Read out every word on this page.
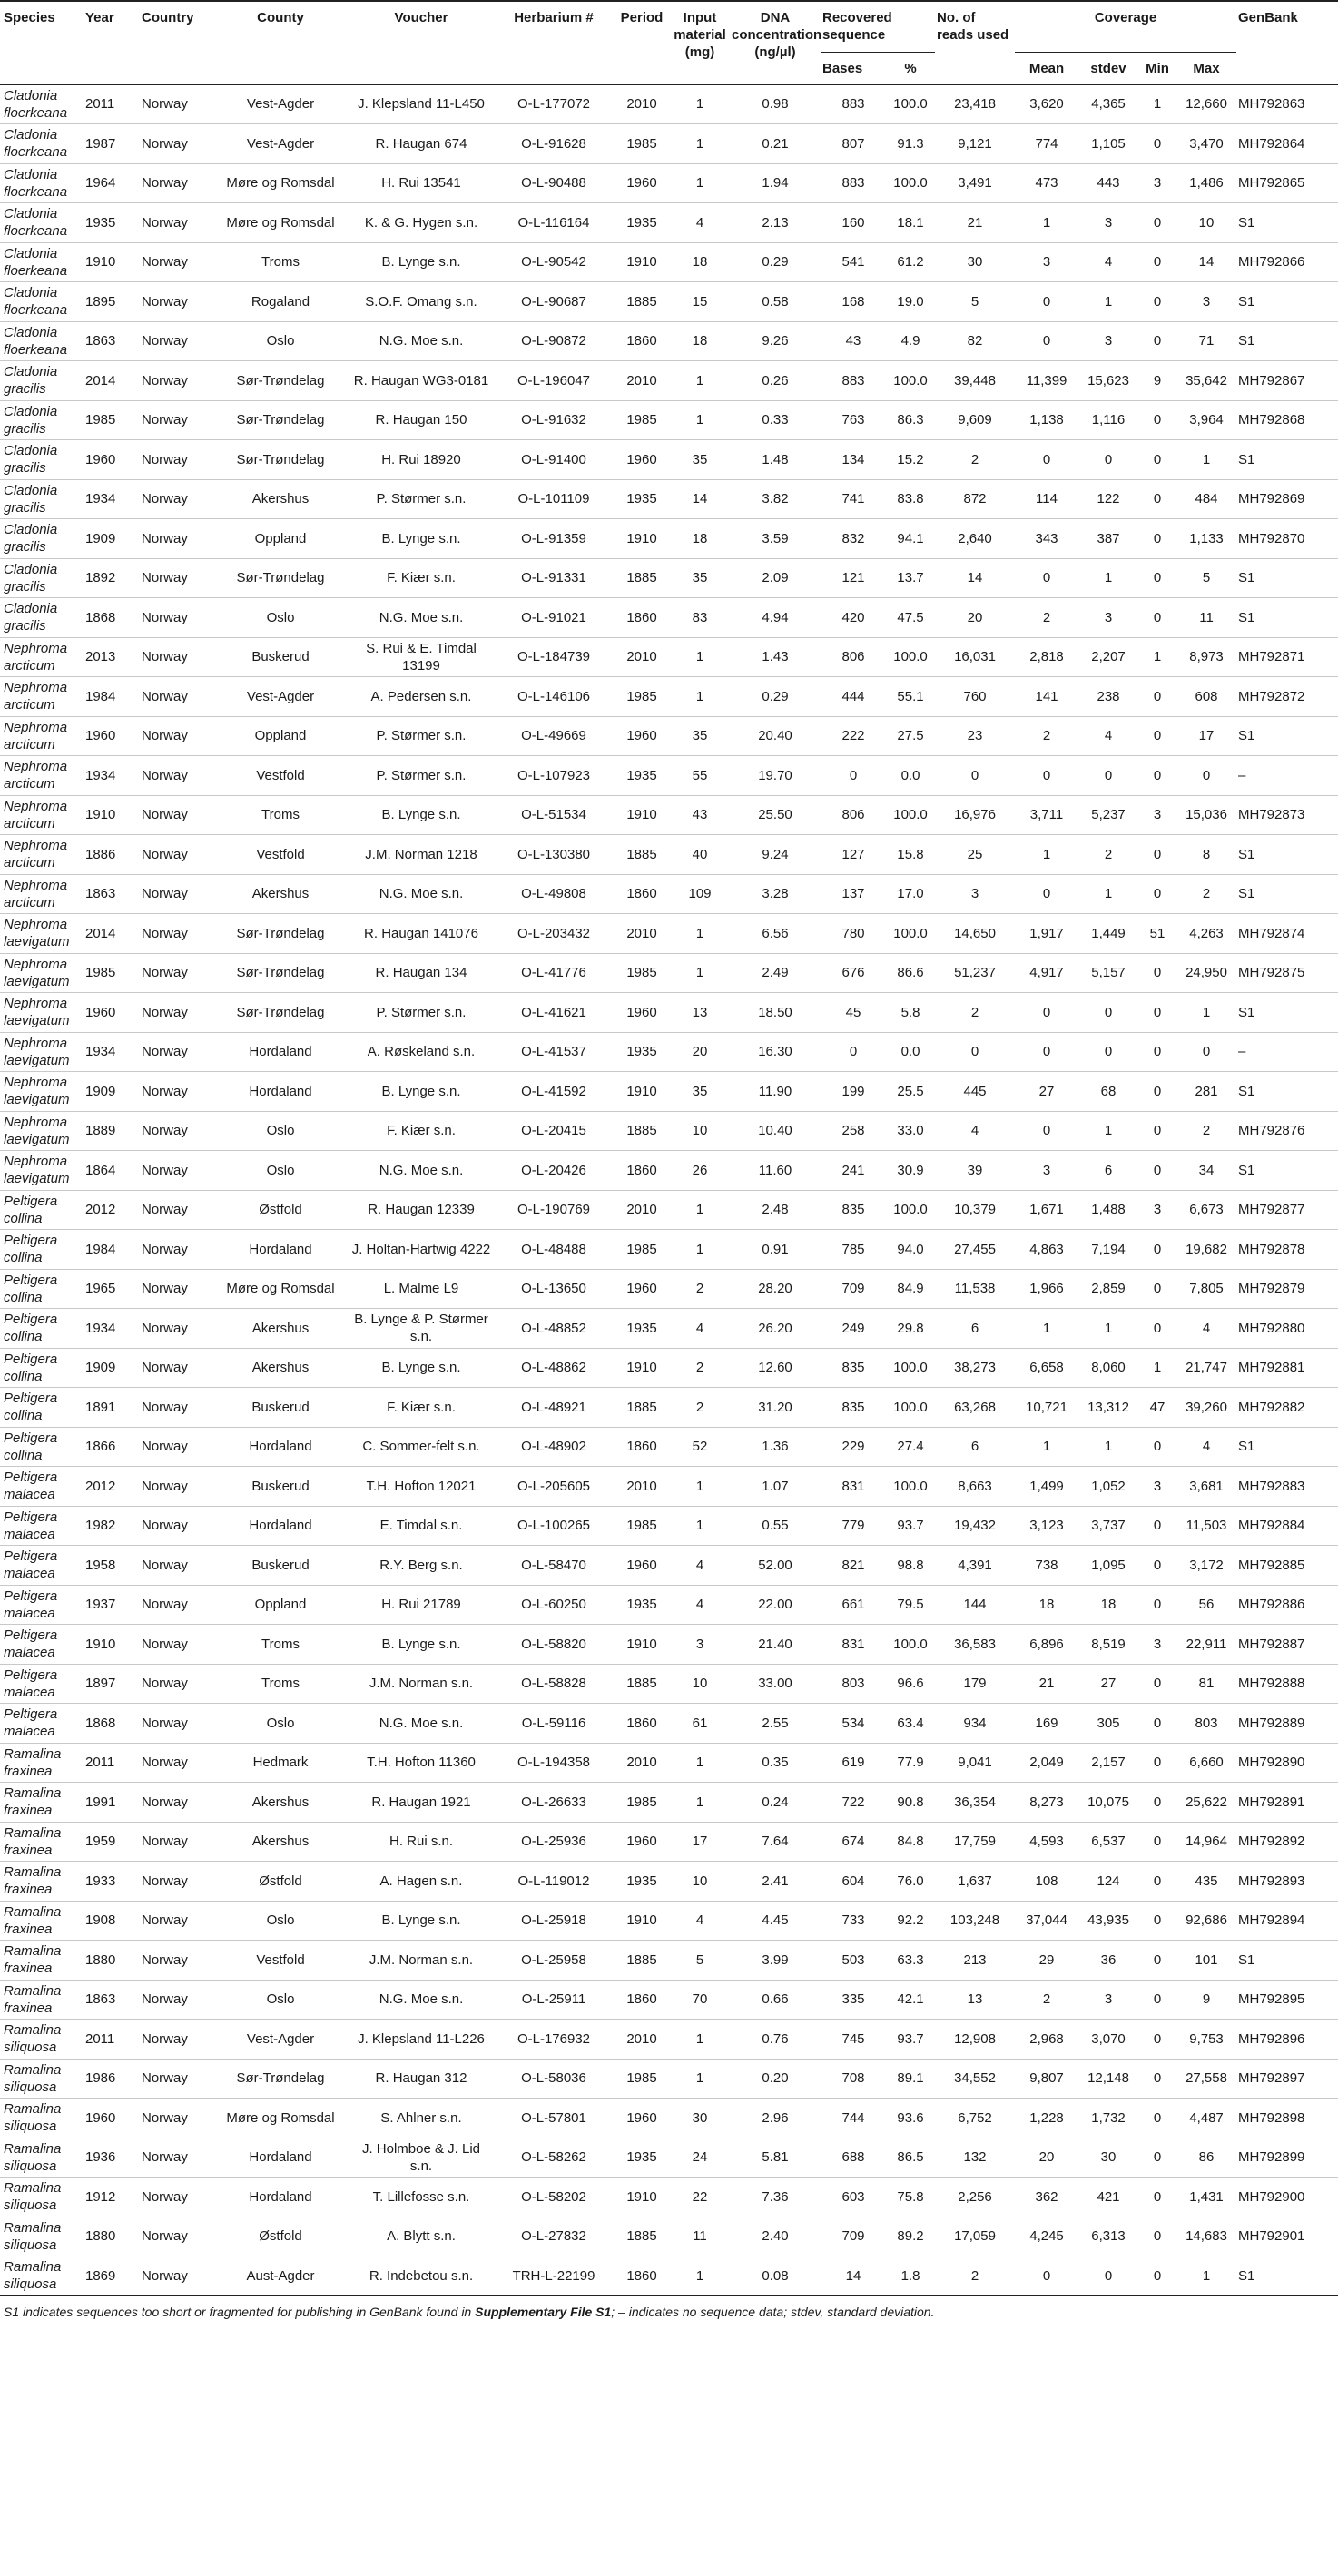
Species	Year	Country	County	Voucher	Herbarium #	Period	Input material (mg)	DNA concentration (ng/µl)	Recovered sequence		No. of reads used	Coverage				GenBank
									Bases	%		Mean	stdev	Min	Max	
Cladonia floerkeana	2011	Norway	Vest-Agder	J. Klepsland 11-L450	O-L-177072	2010	1	0.98	883	100.0	23,418	3,620	4,365	1	12,660	MH792863
Cladonia floerkeana	1987	Norway	Vest-Agder	R. Haugan 674	O-L-91628	1985	1	0.21	807	91.3	9,121	774	1,105	0	3,470	MH792864
Cladonia floerkeana	1964	Norway	Møre og Romsdal	H. Rui 13541	O-L-90488	1960	1	1.94	883	100.0	3,491	473	443	3	1,486	MH792865
Cladonia floerkeana	1935	Norway	Møre og Romsdal	K. & G. Hygen s.n.	O-L-116164	1935	4	2.13	160	18.1	21	1	3	0	10	S1
Cladonia floerkeana	1910	Norway	Troms	B. Lynge s.n.	O-L-90542	1910	18	0.29	541	61.2	30	3	4	0	14	MH792866
Cladonia floerkeana	1895	Norway	Rogaland	S.O.F. Omang s.n.	O-L-90687	1885	15	0.58	168	19.0	5	0	1	0	3	S1
Cladonia floerkeana	1863	Norway	Oslo	N.G. Moe s.n.	O-L-90872	1860	18	9.26	43	4.9	82	0	3	0	71	S1
Cladonia gracilis	2014	Norway	Sør-Trøndelag	R. Haugan WG3-0181	O-L-196047	2010	1	0.26	883	100.0	39,448	11,399	15,623	9	35,642	MH792867
Cladonia gracilis	1985	Norway	Sør-Trøndelag	R. Haugan 150	O-L-91632	1985	1	0.33	763	86.3	9,609	1,138	1,116	0	3,964	MH792868
Cladonia gracilis	1960	Norway	Sør-Trøndelag	H. Rui 18920	O-L-91400	1960	35	1.48	134	15.2	2	0	0	0	1	S1
Cladonia gracilis	1934	Norway	Akershus	P. Størmer s.n.	O-L-101109	1935	14	3.82	741	83.8	872	114	122	0	484	MH792869
Cladonia gracilis	1909	Norway	Oppland	B. Lynge s.n.	O-L-91359	1910	18	3.59	832	94.1	2,640	343	387	0	1,133	MH792870
Cladonia gracilis	1892	Norway	Sør-Trøndelag	F. Kiær s.n.	O-L-91331	1885	35	2.09	121	13.7	14	0	1	0	5	S1
Cladonia gracilis	1868	Norway	Oslo	N.G. Moe s.n.	O-L-91021	1860	83	4.94	420	47.5	20	2	3	0	11	S1
Nephroma arcticum	2013	Norway	Buskerud	S. Rui & E. Timdal 13199	O-L-184739	2010	1	1.43	806	100.0	16,031	2,818	2,207	1	8,973	MH792871
Nephroma arcticum	1984	Norway	Vest-Agder	A. Pedersen s.n.	O-L-146106	1985	1	0.29	444	55.1	760	141	238	0	608	MH792872
Nephroma arcticum	1960	Norway	Oppland	P. Størmer s.n.	O-L-49669	1960	35	20.40	222	27.5	23	2	4	0	17	S1
Nephroma arcticum	1934	Norway	Vestfold	P. Størmer s.n.	O-L-107923	1935	55	19.70	0	0.0	0	0	0	0	0	–
Nephroma arcticum	1910	Norway	Troms	B. Lynge s.n.	O-L-51534	1910	43	25.50	806	100.0	16,976	3,711	5,237	3	15,036	MH792873
Nephroma arcticum	1886	Norway	Vestfold	J.M. Norman 1218	O-L-130380	1885	40	9.24	127	15.8	25	1	2	0	8	S1
Nephroma arcticum	1863	Norway	Akershus	N.G. Moe s.n.	O-L-49808	1860	109	3.28	137	17.0	3	0	1	0	2	S1
Nephroma laevigatum	2014	Norway	Sør-Trøndelag	R. Haugan 141076	O-L-203432	2010	1	6.56	780	100.0	14,650	1,917	1,449	51	4,263	MH792874
Nephroma laevigatum	1985	Norway	Sør-Trøndelag	R. Haugan 134	O-L-41776	1985	1	2.49	676	86.6	51,237	4,917	5,157	0	24,950	MH792875
Nephroma laevigatum	1960	Norway	Sør-Trøndelag	P. Størmer s.n.	O-L-41621	1960	13	18.50	45	5.8	2	0	0	0	1	S1
Nephroma laevigatum	1934	Norway	Hordaland	A. Røskeland s.n.	O-L-41537	1935	20	16.30	0	0.0	0	0	0	0	0	–
Nephroma laevigatum	1909	Norway	Hordaland	B. Lynge s.n.	O-L-41592	1910	35	11.90	199	25.5	445	27	68	0	281	S1
Nephroma laevigatum	1889	Norway	Oslo	F. Kiær s.n.	O-L-20415	1885	10	10.40	258	33.0	4	0	1	0	2	MH792876
Nephroma laevigatum	1864	Norway	Oslo	N.G. Moe s.n.	O-L-20426	1860	26	11.60	241	30.9	39	3	6	0	34	S1
Peltigera collina	2012	Norway	Østfold	R. Haugan 12339	O-L-190769	2010	1	2.48	835	100.0	10,379	1,671	1,488	3	6,673	MH792877
Peltigera collina	1984	Norway	Hordaland	J. Holtan-Hartwig 4222	O-L-48488	1985	1	0.91	785	94.0	27,455	4,863	7,194	0	19,682	MH792878
Peltigera collina	1965	Norway	Møre og Romsdal	L. Malme L9	O-L-13650	1960	2	28.20	709	84.9	11,538	1,966	2,859	0	7,805	MH792879
Peltigera collina	1934	Norway	Akershus	B. Lynge & P. Størmer s.n.	O-L-48852	1935	4	26.20	249	29.8	6	1	1	0	4	MH792880
Peltigera collina	1909	Norway	Akershus	B. Lynge s.n.	O-L-48862	1910	2	12.60	835	100.0	38,273	6,658	8,060	1	21,747	MH792881
Peltigera collina	1891	Norway	Buskerud	F. Kiær s.n.	O-L-48921	1885	2	31.20	835	100.0	63,268	10,721	13,312	47	39,260	MH792882
Peltigera collina	1866	Norway	Hordaland	C. Sommer-felt s.n.	O-L-48902	1860	52	1.36	229	27.4	6	1	1	0	4	S1
Peltigera malacea	2012	Norway	Buskerud	T.H. Hofton 12021	O-L-205605	2010	1	1.07	831	100.0	8,663	1,499	1,052	3	3,681	MH792883
Peltigera malacea	1982	Norway	Hordaland	E. Timdal s.n.	O-L-100265	1985	1	0.55	779	93.7	19,432	3,123	3,737	0	11,503	MH792884
Peltigera malacea	1958	Norway	Buskerud	R.Y. Berg s.n.	O-L-58470	1960	4	52.00	821	98.8	4,391	738	1,095	0	3,172	MH792885
Peltigera malacea	1937	Norway	Oppland	H. Rui 21789	O-L-60250	1935	4	22.00	661	79.5	144	18	18	0	56	MH792886
Peltigera malacea	1910	Norway	Troms	B. Lynge s.n.	O-L-58820	1910	3	21.40	831	100.0	36,583	6,896	8,519	3	22,911	MH792887
Peltigera malacea	1897	Norway	Troms	J.M. Norman s.n.	O-L-58828	1885	10	33.00	803	96.6	179	21	27	0	81	MH792888
Peltigera malacea	1868	Norway	Oslo	N.G. Moe s.n.	O-L-59116	1860	61	2.55	534	63.4	934	169	305	0	803	MH792889
Ramalina fraxinea	2011	Norway	Hedmark	T.H. Hofton 11360	O-L-194358	2010	1	0.35	619	77.9	9,041	2,049	2,157	0	6,660	MH792890
Ramalina fraxinea	1991	Norway	Akershus	R. Haugan 1921	O-L-26633	1985	1	0.24	722	90.8	36,354	8,273	10,075	0	25,622	MH792891
Ramalina fraxinea	1959	Norway	Akershus	H. Rui s.n.	O-L-25936	1960	17	7.64	674	84.8	17,759	4,593	6,537	0	14,964	MH792892
Ramalina fraxinea	1933	Norway	Østfold	A. Hagen s.n.	O-L-119012	1935	10	2.41	604	76.0	1,637	108	124	0	435	MH792893
Ramalina fraxinea	1908	Norway	Oslo	B. Lynge s.n.	O-L-25918	1910	4	4.45	733	92.2	103,248	37,044	43,935	0	92,686	MH792894
Ramalina fraxinea	1880	Norway	Vestfold	J.M. Norman s.n.	O-L-25958	1885	5	3.99	503	63.3	213	29	36	0	101	S1
Ramalina fraxinea	1863	Norway	Oslo	N.G. Moe s.n.	O-L-25911	1860	70	0.66	335	42.1	13	2	3	0	9	MH792895
Ramalina siliquosa	2011	Norway	Vest-Agder	J. Klepsland 11-L226	O-L-176932	2010	1	0.76	745	93.7	12,908	2,968	3,070	0	9,753	MH792896
Ramalina siliquosa	1986	Norway	Sør-Trøndelag	R. Haugan 312	O-L-58036	1985	1	0.20	708	89.1	34,552	9,807	12,148	0	27,558	MH792897
Ramalina siliquosa	1960	Norway	Møre og Romsdal	S. Ahlner s.n.	O-L-57801	1960	30	2.96	744	93.6	6,752	1,228	1,732	0	4,487	MH792898
Ramalina siliquosa	1936	Norway	Hordaland	J. Holmboe & J. Lid s.n.	O-L-58262	1935	24	5.81	688	86.5	132	20	30	0	86	MH792899
Ramalina siliquosa	1912	Norway	Hordaland	T. Lillefosse s.n.	O-L-58202	1910	22	7.36	603	75.8	2,256	362	421	0	1,431	MH792900
Ramalina siliquosa	1880	Norway	Østfold	A. Blytt s.n.	O-L-27832	1885	11	2.40	709	89.2	17,059	4,245	6,313	0	14,683	MH792901
Ramalina siliquosa	1869	Norway	Aust-Agder	R. Indebetou s.n.	TRH-L-22199	1860	1	0.08	14	1.8	2	0	0	0	1	S1
S1 indicates sequences too short or fragmented for publishing in GenBank found in Supplementary File S1; – indicates no sequence data; stdev, standard deviation.
